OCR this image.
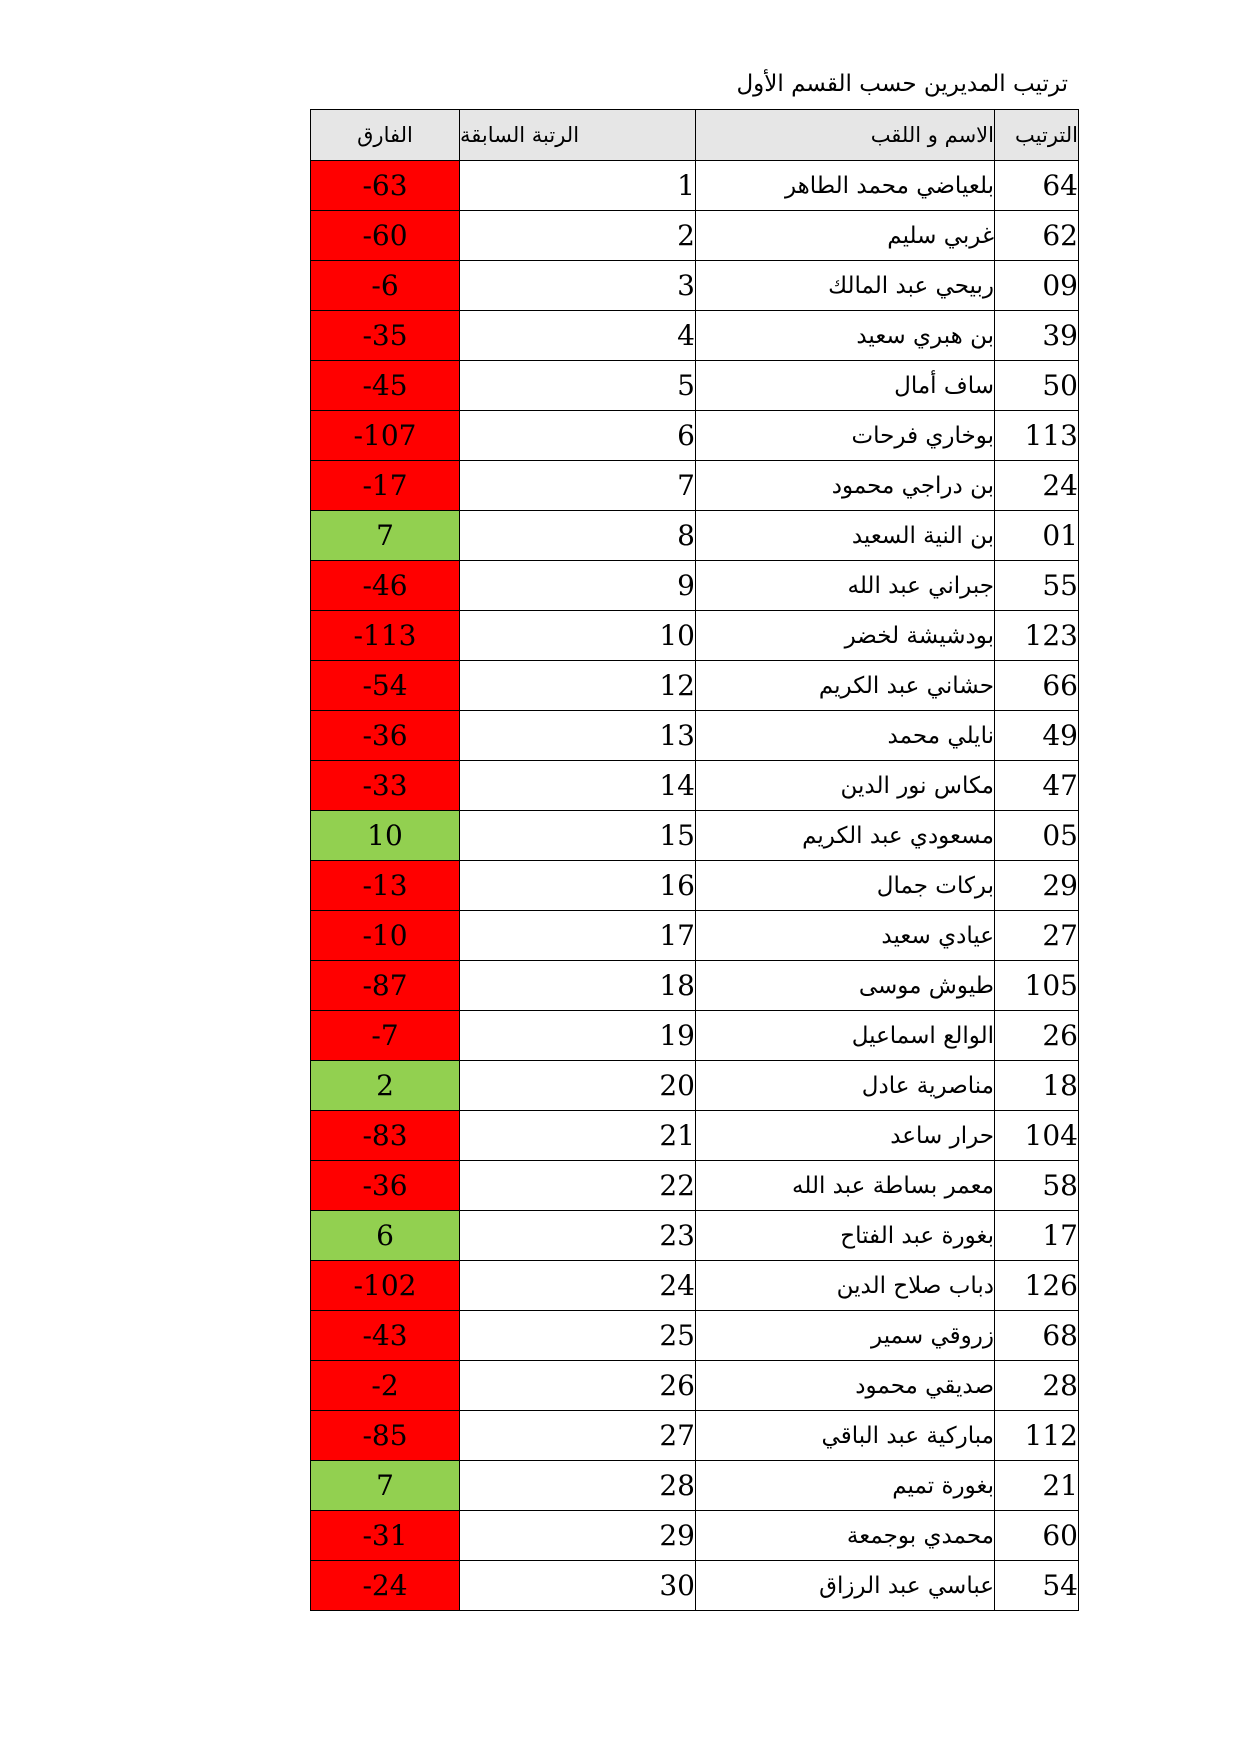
ترتيب المديرين حسب القسم الأول
الفارق	الرتبة السابقة	الاسم و اللقب	الترتيب
-63	1	بلعياضي محمد الطاهر	64
-60	2	غربي سليم	62
-6	3	ربيحي عبد المالك	09
-35	4	بن هبري سعيد	39
-45	5	ساف أمال	50
-107	6	بوخاري فرحات	113
-17	7	بن دراجي محمود	24
7	8	بن النية السعيد	01
-46	9	جبراني عبد الله	55
-113	10	بودشيشة لخضر	123
-54	12	حشاني عبد الكريم	66
-36	13	نايلي محمد	49
-33	14	مكاس نور الدين	47
10	15	مسعودي عبد الكريم	05
-13	16	بركات جمال	29
-10	17	عيادي سعيد	27
-87	18	طيوش موسى	105
-7	19	الوالع اسماعيل	26
2	20	مناصرية عادل	18
-83	21	حرار ساعد	104
-36	22	معمر بساطة عبد الله	58
6	23	بغورة عبد الفتاح	17
-102	24	دباب صلاح الدين	126
-43	25	زروقي سمير	68
-2	26	صديقي محمود	28
-85	27	مباركية عبد الباقي	112
7	28	بغورة تميم	21
-31	29	محمدي بوجمعة	60
-24	30	عباسي عبد الرزاق	54
